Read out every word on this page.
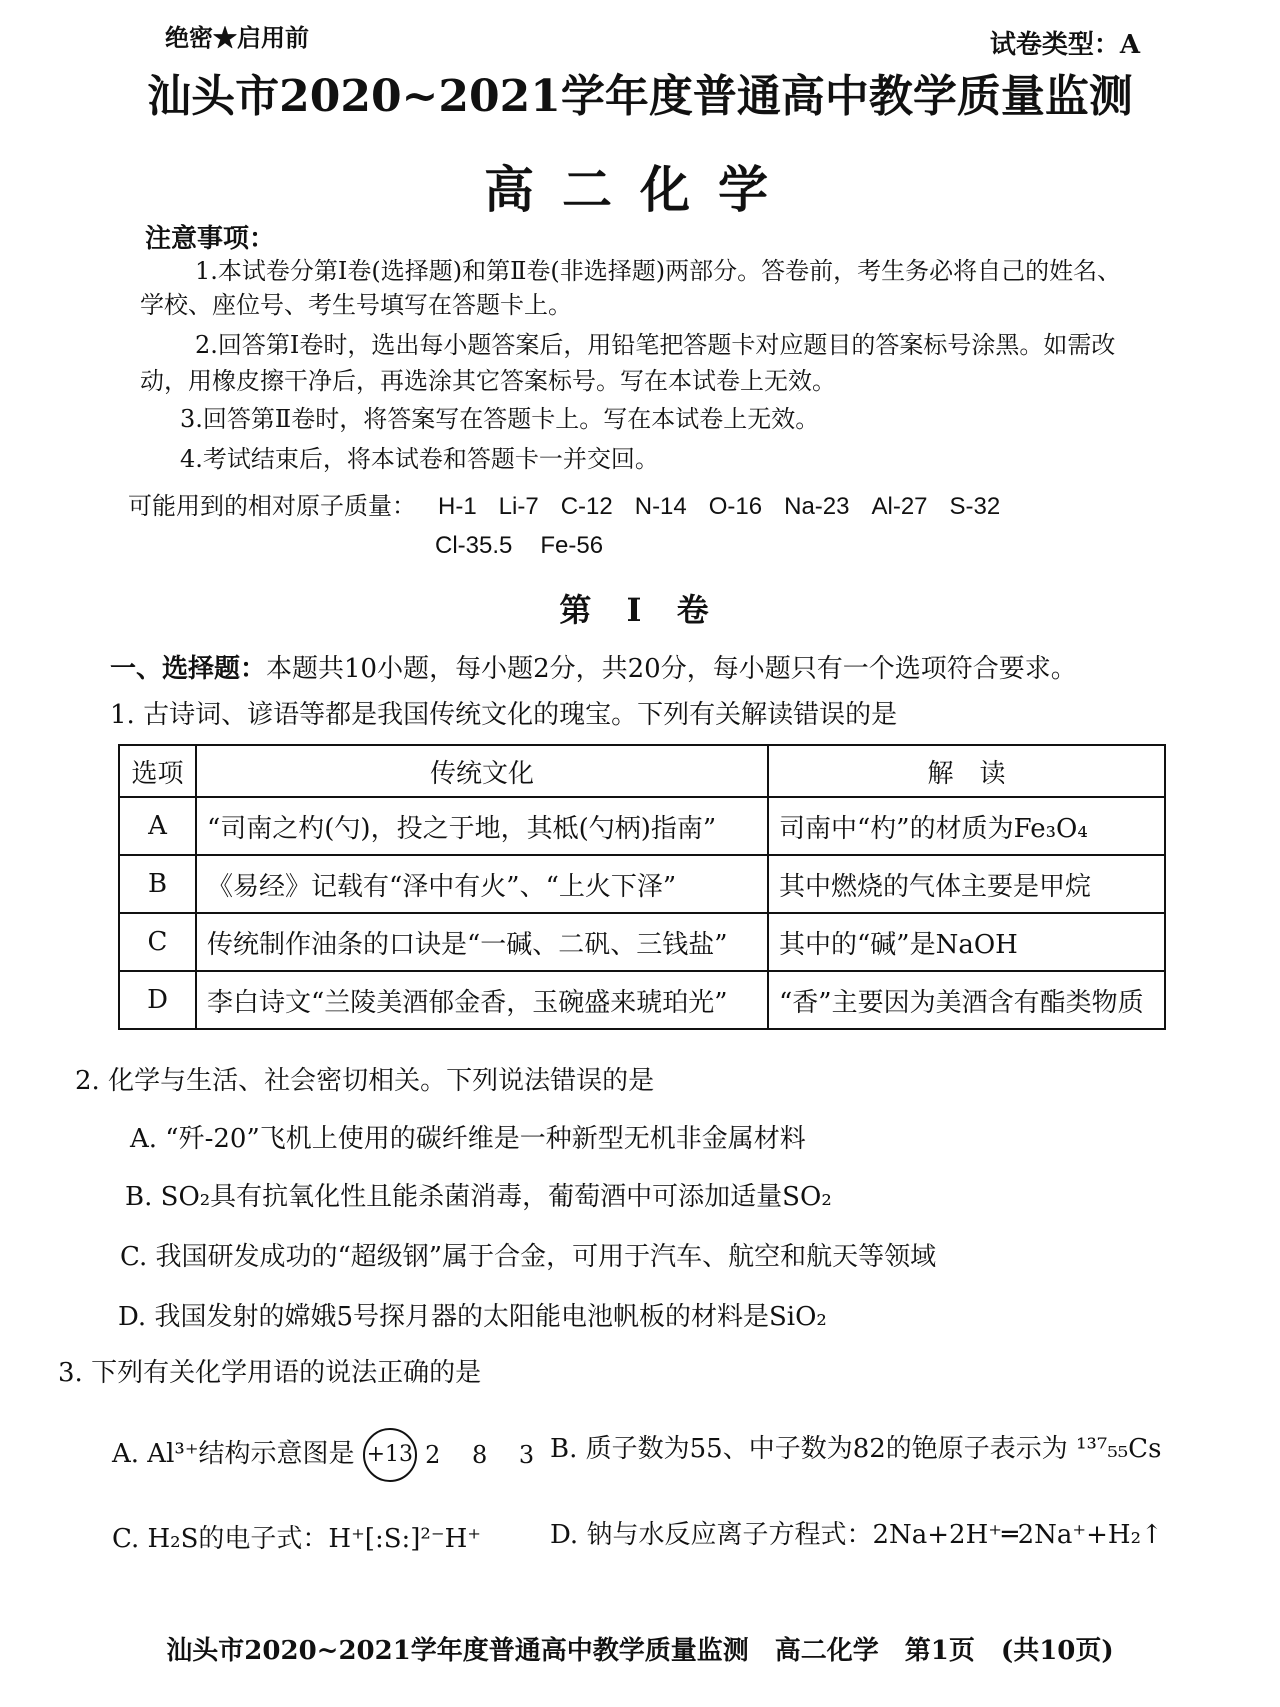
绝密★启用前	试卷类型：A
汕头市2020~2021学年度普通高中教学质量监测
高二化学
注意事项：
1.本试卷分第Ⅰ卷(选择题)和第Ⅱ卷(非选择题)两部分。答卷前，考生务必将自己的姓名、
学校、座位号、考生号填写在答题卡上。
2.回答第Ⅰ卷时，选出每小题答案后，用铅笔把答题卡对应题目的答案标号涂黑。如需改
动，用橡皮擦干净后，再选涂其它答案标号。写在本试卷上无效。
3.回答第Ⅱ卷时，将答案写在答题卡上。写在本试卷上无效。
4.考试结束后，将本试卷和答题卡一并交回。
可能用到的相对原子质量： H-1 Li-7 C-12 N-14 O-16 Na-23 Al-27 S-32
Cl-35.5 Fe-56
第 Ⅰ 卷
一、选择题：本题共10小题，每小题2分，共20分，每小题只有一个选项符合要求。
1. 古诗词、谚语等都是我国传统文化的瑰宝。下列有关解读错误的是
选项	传统文化	解　读
A	“司南之杓(勺)，投之于地，其柢(勺柄)指南”	司南中“杓”的材质为Fe₃O₄
B	《易经》记载有“泽中有火”、“上火下泽”	其中燃烧的气体主要是甲烷
C	传统制作油条的口诀是“一碱、二矾、三钱盐”	其中的“碱”是NaOH
D	李白诗文“兰陵美酒郁金香，玉碗盛来琥珀光”	“香”主要因为美酒含有酯类物质
2. 化学与生活、社会密切相关。下列说法错误的是
A. “歼-20”飞机上使用的碳纤维是一种新型无机非金属材料
B. SO₂具有抗氧化性且能杀菌消毒，葡萄酒中可添加适量SO₂
C. 我国研发成功的“超级钢”属于合金，可用于汽车、航空和航天等领域
D. 我国发射的嫦娥5号探月器的太阳能电池帆板的材料是SiO₂
3. 下列有关化学用语的说法正确的是
A. Al³⁺结构示意图是 +13 2 8 3 B. 质子数为55、中子数为82的铯原子表示为 ¹³⁷₅₅Cs
C. H₂S的电子式：H⁺[:S:]²⁻H⁺	D. 钠与水反应离子方程式：2Na+2H⁺═2Na⁺+H₂↑
汕头市2020~2021学年度普通高中教学质量监测　高二化学　第1页　(共10页)
